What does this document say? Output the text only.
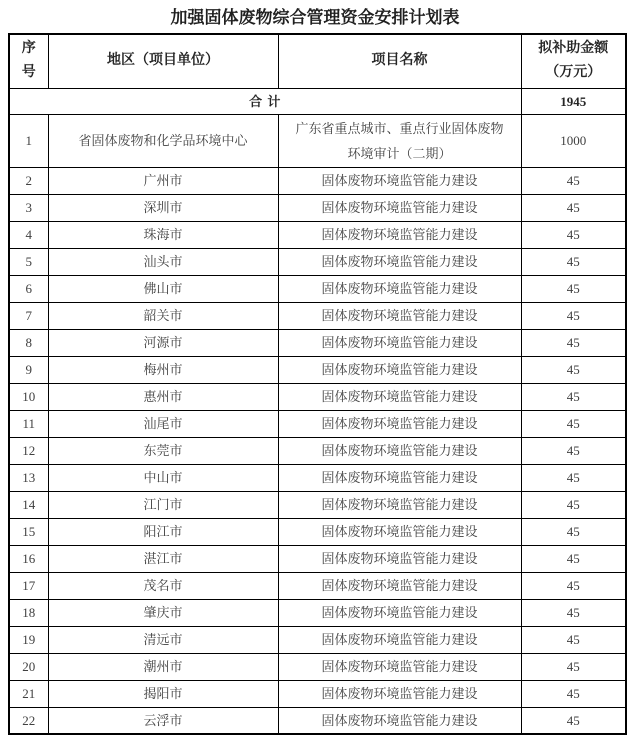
加强固体废物综合管理资金安排计划表
序
号	地区（项目单位）	项目名称	拟补助金额
（万元）
合 计			1945
1	省固体废物和化学品环境中心	广东省重点城市、重点行业固体废物环境审计（二期）	1000
2	广州市	固体废物环境监管能力建设	45
3	深圳市	固体废物环境监管能力建设	45
4	珠海市	固体废物环境监管能力建设	45
5	汕头市	固体废物环境监管能力建设	45
6	佛山市	固体废物环境监管能力建设	45
7	韶关市	固体废物环境监管能力建设	45
8	河源市	固体废物环境监管能力建设	45
9	梅州市	固体废物环境监管能力建设	45
10	惠州市	固体废物环境监管能力建设	45
11	汕尾市	固体废物环境监管能力建设	45
12	东莞市	固体废物环境监管能力建设	45
13	中山市	固体废物环境监管能力建设	45
14	江门市	固体废物环境监管能力建设	45
15	阳江市	固体废物环境监管能力建设	45
16	湛江市	固体废物环境监管能力建设	45
17	茂名市	固体废物环境监管能力建设	45
18	肇庆市	固体废物环境监管能力建设	45
19	清远市	固体废物环境监管能力建设	45
20	潮州市	固体废物环境监管能力建设	45
21	揭阳市	固体废物环境监管能力建设	45
22	云浮市	固体废物环境监管能力建设	45
